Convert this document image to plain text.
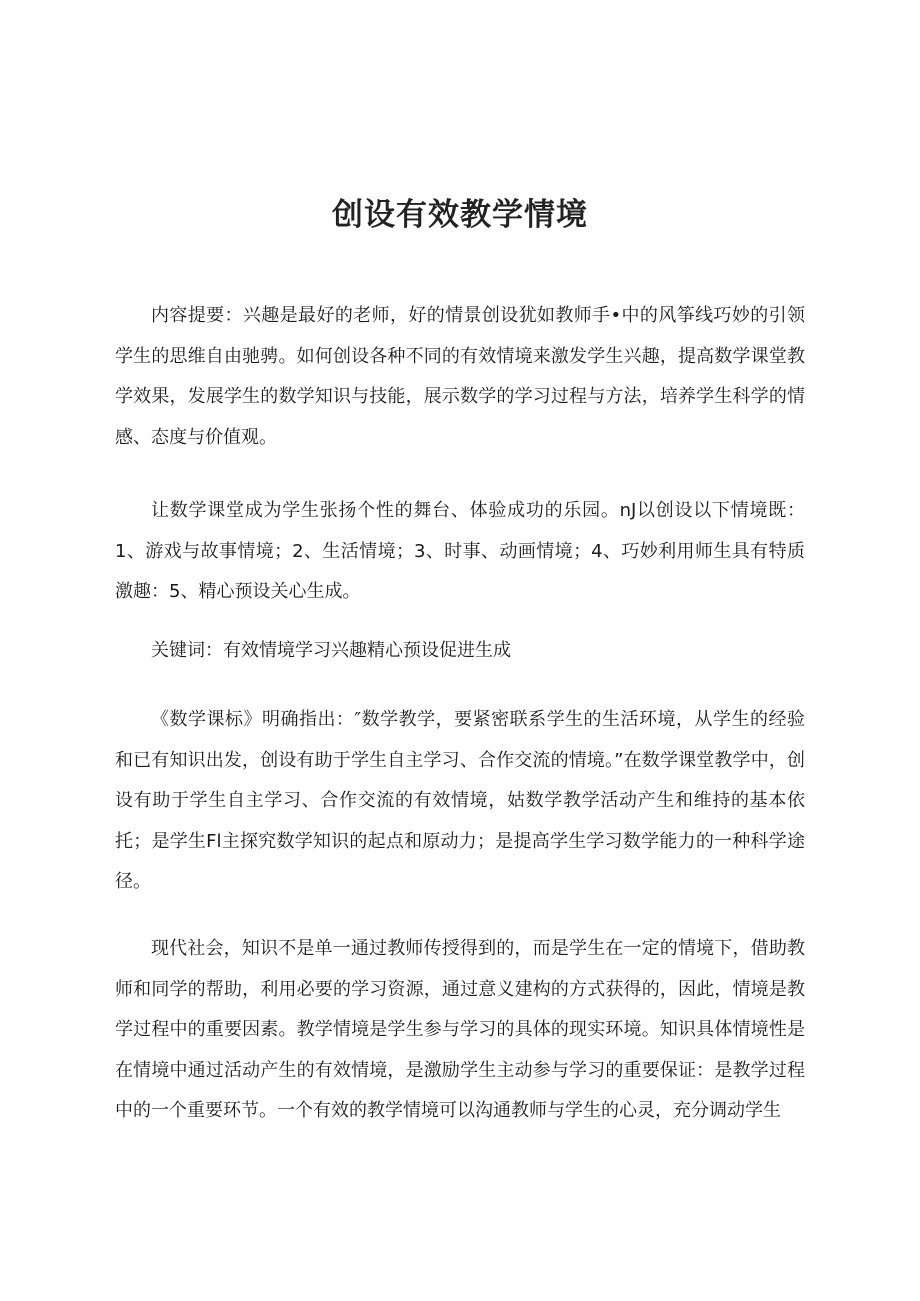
创设有效教学情境

内容提要：兴趣是最好的老师，好的情景创设犹如教师手•中的风筝线巧妙的引领学生的思维自由驰骋。如何创设各种不同的有效情境来激发学生兴趣，提高数学课堂教学效果，发展学生的数学知识与技能，展示数学的学习过程与方法，培养学生科学的情感、态度与价值观。

让数学课堂成为学生张扬个性的舞台、体验成功的乐园。nJ以创设以下情境既：1、游戏与故事情境；2、生活情境；3、时事、动画情境；4、巧妙利用师生具有特质激趣：5、精心预设关心生成。

关键词：有效情境学习兴趣精心预设促进生成

《数学课标》明确指出：″数学教学，要紧密联系学生的生活环境，从学生的经验和已有知识出发，创设有助于学生自主学习、合作交流的情境。”在数学课堂教学中，创设有助于学生自主学习、合作交流的有效情境，姑数学教学活动产生和维持的基本依托；是学生Fl主探究数学知识的起点和原动力；是提高学生学习数学能力的一种科学途径。

现代社会，知识不是单一通过教师传授得到的，而是学生在一定的情境下，借助教师和同学的帮助，利用必要的学习资源，通过意义建构的方式获得的，因此，情境是教学过程中的重要因素。教学情境是学生参与学习的具体的现实环境。知识具体情境性是在情境中通过活动产生的有效情境，是激励学生主动参与学习的重要保证：是教学过程中的一个重要环节。一个有效的教学情境可以沟通教师与学生的心灵，充分调动学生
